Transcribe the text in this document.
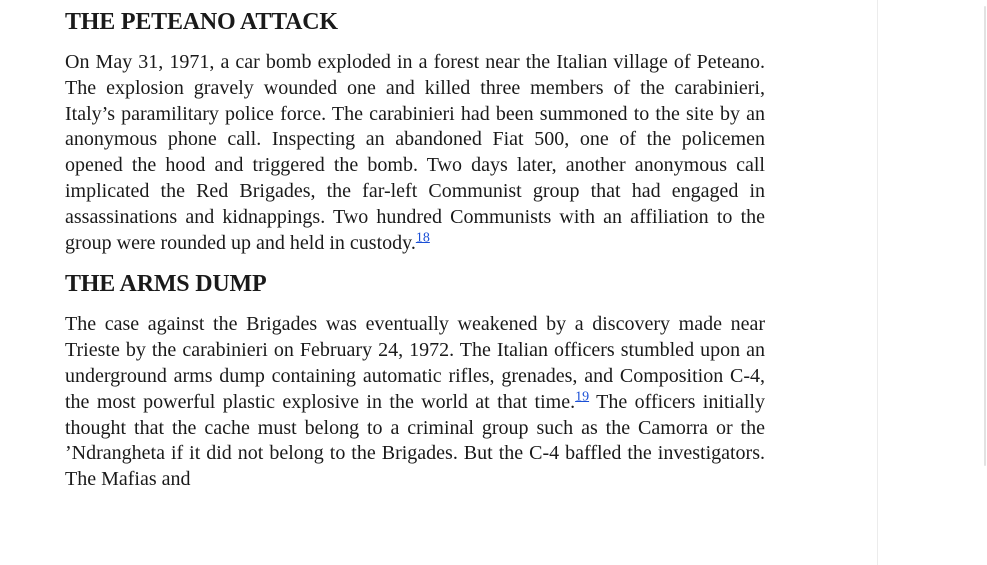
THE PETEANO ATTACK

On May 31, 1971, a car bomb exploded in a forest near the Italian village of Peteano. The explosion gravely wounded one and killed three members of the carabinieri, Italy’s paramilitary police force. The carabinieri had been summoned to the site by an anonymous phone call. Inspecting an abandoned Fiat 500, one of the policemen opened the hood and triggered the bomb. Two days later, another anonymous call implicated the Red Brigades, the far-left Communist group that had engaged in assassinations and kidnappings. Two hundred Communists with an affiliation to the group were rounded up and held in custody.$^{18}$

THE ARMS DUMP

The case against the Brigades was eventually weakened by a discovery made near Trieste by the carabinieri on February 24, 1972. The Italian officers stumbled upon an underground arms dump containing automatic rifles, grenades, and Composition C-4, the most powerful plastic explosive in the world at that time.$^{19}$ The officers initially thought that the cache must belong to a criminal group such as the Camorra or the ’Ndrangheta if it did not belong to the Brigades. But the C-4 baffled the investigators. The Mafias and
